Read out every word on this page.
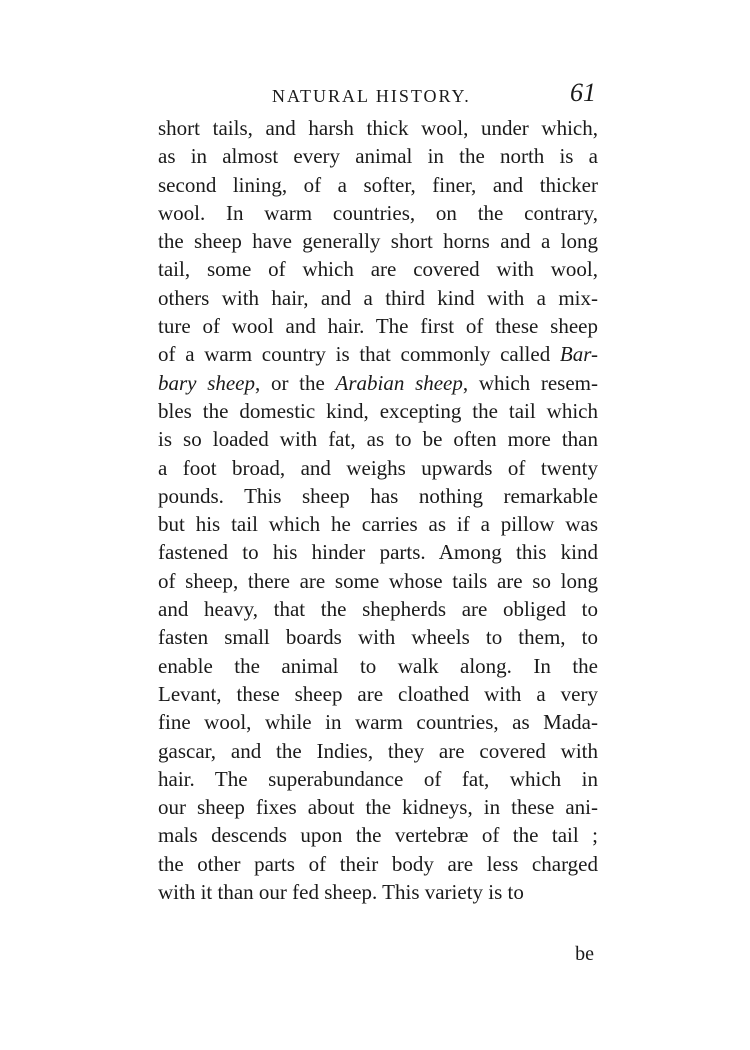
NATURAL HISTORY.	61
short tails, and harsh thick wool, under which,
as in almost every animal in the north is a
second lining, of a softer, finer, and thicker
wool. In warm countries, on the contrary,
the sheep have generally short horns and a long
tail, some of which are covered with wool,
others with hair, and a third kind with a mix-
ture of wool and hair. The first of these sheep
of a warm country is that commonly called Bar-
bary sheep, or the Arabian sheep, which resem-
bles the domestic kind, excepting the tail which
is so loaded with fat, as to be often more than
a foot broad, and weighs upwards of twenty
pounds. This sheep has nothing remarkable
but his tail which he carries as if a pillow was
fastened to his hinder parts. Among this kind
of sheep, there are some whose tails are so long
and heavy, that the shepherds are obliged to
fasten small boards with wheels to them, to
enable the animal to walk along. In the
Levant, these sheep are cloathed with a very
fine wool, while in warm countries, as Mada-
gascar, and the Indies, they are covered with
hair. The superabundance of fat, which in
our sheep fixes about the kidneys, in these ani-
mals descends upon the vertebræ of the tail ;
the other parts of their body are less charged
with it than our fed sheep. This variety is to
be
